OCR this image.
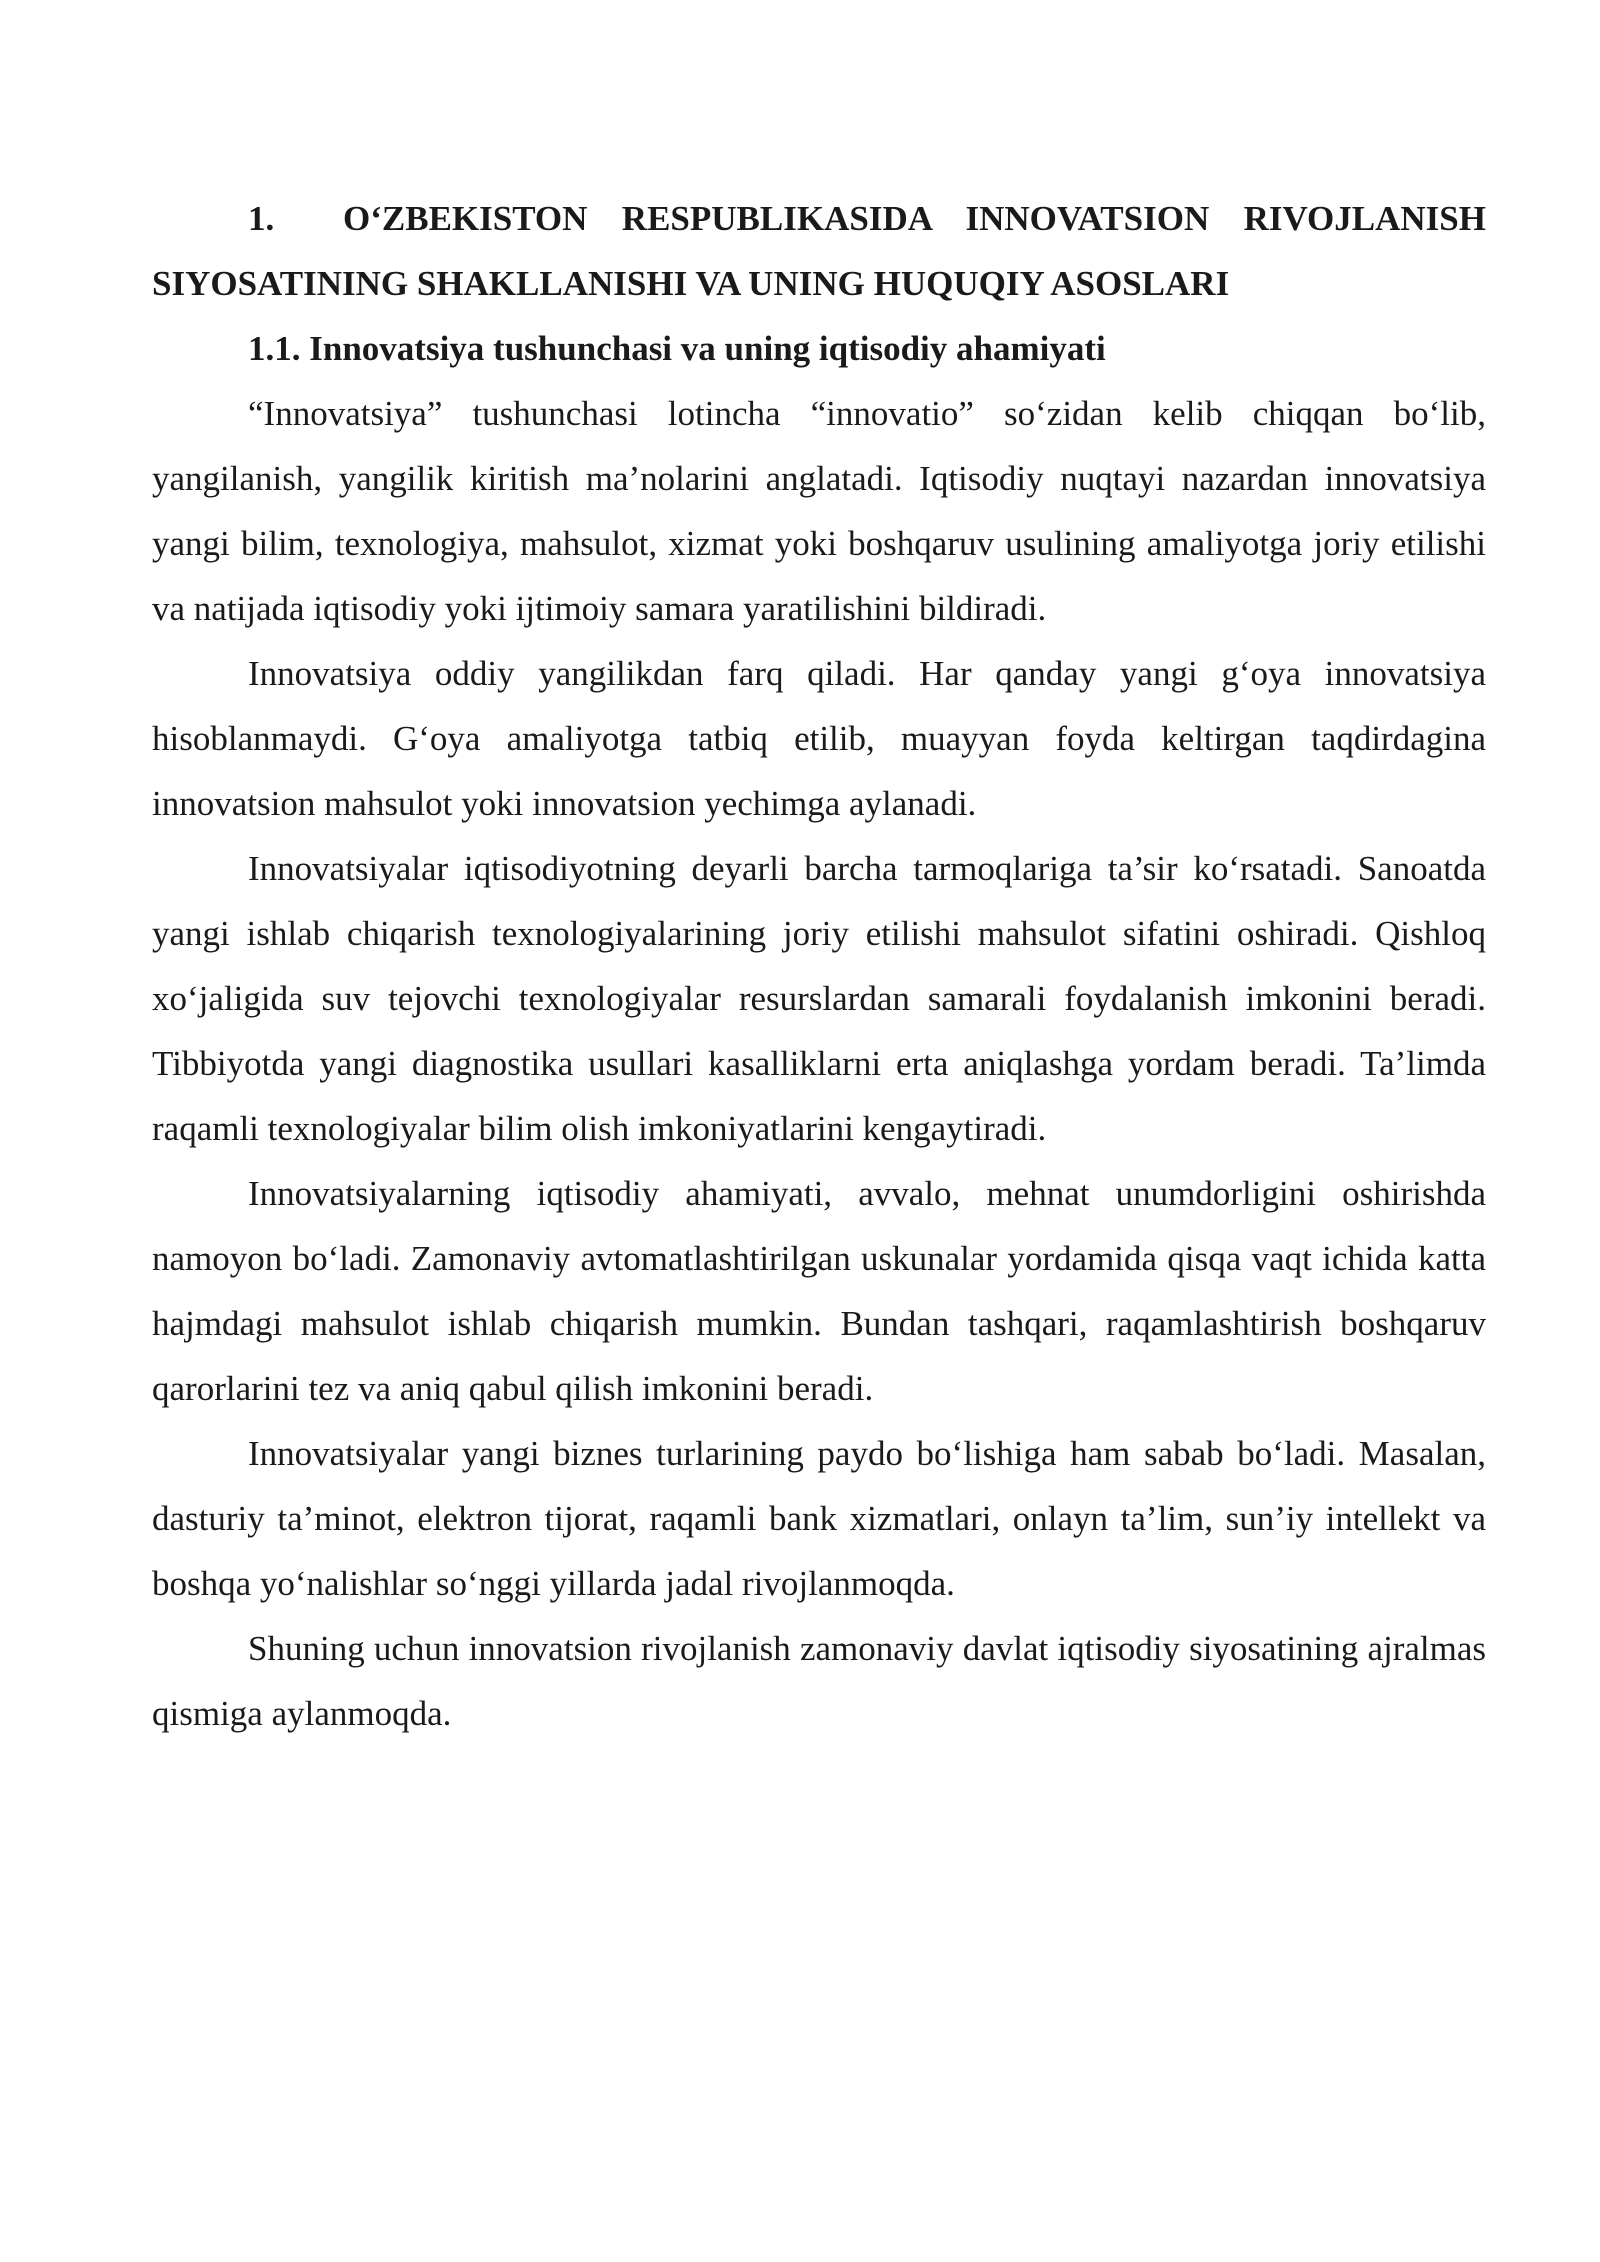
1. O‘ZBEKISTON RESPUBLIKASIDA INNOVATSION RIVOJLANISH SIYOSATINING SHAKLLANISHI VA UNING HUQUQIY ASOSLARI

1.1. Innovatsiya tushunchasi va uning iqtisodiy ahamiyati

“Innovatsiya” tushunchasi lotincha “innovatio” so‘zidan kelib chiqqan bo‘lib, yangilanish, yangilik kiritish ma’nolarini anglatadi. Iqtisodiy nuqtayi nazardan innovatsiya yangi bilim, texnologiya, mahsulot, xizmat yoki boshqaruv usulining amaliyotga joriy etilishi va natijada iqtisodiy yoki ijtimoiy samara yaratilishini bildiradi.

Innovatsiya oddiy yangilikdan farq qiladi. Har qanday yangi g‘oya innovatsiya hisoblanmaydi. G‘oya amaliyotga tatbiq etilib, muayyan foyda keltirgan taqdirdagina innovatsion mahsulot yoki innovatsion yechimga aylanadi.

Innovatsiyalar iqtisodiyotning deyarli barcha tarmoqlariga ta’sir ko‘rsatadi. Sanoatda yangi ishlab chiqarish texnologiyalarining joriy etilishi mahsulot sifatini oshiradi. Qishloq xo‘jaligida suv tejovchi texnologiyalar resurslardan samarali foydalanish imkonini beradi. Tibbiyotda yangi diagnostika usullari kasalliklarni erta aniqlashga yordam beradi. Ta’limda raqamli texnologiyalar bilim olish imkoniyatlarini kengaytiradi.

Innovatsiyalarning iqtisodiy ahamiyati, avvalo, mehnat unumdorligini oshirishda namoyon bo‘ladi. Zamonaviy avtomatlashtirilgan uskunalar yordamida qisqa vaqt ichida katta hajmdagi mahsulot ishlab chiqarish mumkin. Bundan tashqari, raqamlashtirish boshqaruv qarorlarini tez va aniq qabul qilish imkonini beradi.

Innovatsiyalar yangi biznes turlarining paydo bo‘lishiga ham sabab bo‘ladi. Masalan, dasturiy ta’minot, elektron tijorat, raqamli bank xizmatlari, onlayn ta’lim, sun’iy intellekt va boshqa yo‘nalishlar so‘nggi yillarda jadal rivojlanmoqda.

Shuning uchun innovatsion rivojlanish zamonaviy davlat iqtisodiy siyosatining ajralmas qismiga aylanmoqda.
